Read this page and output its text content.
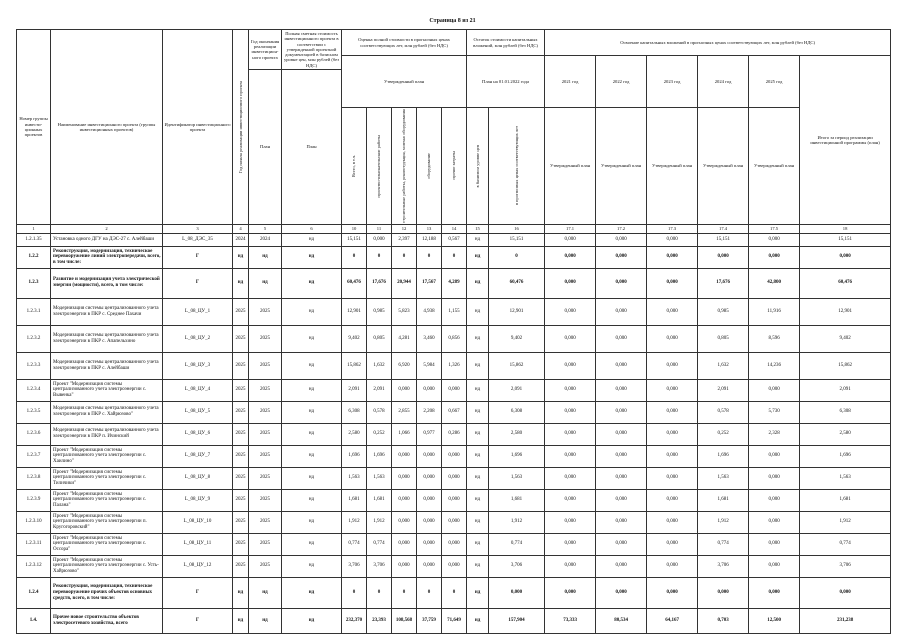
Страница 8 из 21
Номер группы инвести-ционных проектов	Наименование инвестиционного проекта (группы инвестиционных проектов)	Идентификатор инвестиционного проекта	Год начала реализации инвестиционного проекта	Год окончания реализации инвестицион-ного проекта	Полная сметная стоимость инвестиционного проекта в соответствии с утвержденной проектной документацией в базисном уровне цен, млн рублей (без НДС)	Оценка полной стоимости в прогнозных ценах соответствующих лет, млн рублей (без НДС)					Остаток стоимости капитальных вложений, млн рублей (без НДС)		Освоение капитальных вложений в прогнозных ценах соответствующих лет, млн рублей (без НДС)					
						Утвержденный план					План на 01.01.2022 года		2021 год	2022 год	2023 год	2024 год	2025 год	Итого за период реализации инвестиционной программы (план)
				План	План													

						Всего, в т.ч.	проектно-изыскательские работы	строительные работы, реконструкция, монтаж оборудования	оборудование	прочие затраты	в базисном уровне цен	в прогнозных ценах соответствующих лет	Утвержденный план	Утвержденный план	Утвержденный план	Утвержденный план	Утвержденный план	
1	2	3	4	5	6	10	11	12	13	14	15	16	17.1	17.2	17.3	17.4	17.5	18
1.2.1.35	Установка одного ДГУ на ДЭС-27 с. Алейбаши	L_08_ДЭС_35	2024	2024	нд	15,151	0,000	2,397	12,188	0,567	нд	15,151	0,000	0,000	0,000	15,151	0,000	15,151
1.2.2	Реконструкция, модернизация, техническое перевооружение линий электропередачи, всего, в том числе:	Г	нд	нд	нд	0	0	0	0	0	нд	0	0,000	0,000	0,000	0,000	0,000	0,000
1.2.3	Развитие и модернизация учета электрической энергии (мощности), всего, в том числе:	Г	нд	нд	нд	60,476	17,676	20,944	17,567	4,289	нд	60,476	0,000	0,000	0,000	17,676	42,800	60,476
1.2.3.1	Модернизация системы централизованного учета электроэнергии в ПКР с. Среднее Пахачи	L_08_ЦУ_1	2025	2025	нд	12,901	0,985	5,823	4,938	1,155	нд	12,901	0,000	0,000	0,000	0,985	11,916	12,901
1.2.3.2	Модернизация системы централизованного учета электроэнергии в ПКР с. Апапельхино	L_08_ЦУ_2	2025	2025	нд	9,402	0,805	4,281	3,460	0,856	нд	9,402	0,000	0,000	0,000	0,805	8,596	9,402
1.2.3.3	Модернизация системы централизованного учета электроэнергии в ПКР с. Алейбаши	L_08_ЦУ_3	2025	2025	нд	15,862	1,632	6,920	5,984	1,326	нд	15,862	0,000	0,000	0,000	1,632	14,236	15,862
1.2.3.4	Проект "Модернизация системы централизованного учета электроэнергии с. Вывенка"	L_08_ЦУ_4	2025	2025	нд	2,091	2,091	0,000	0,000	0,000	нд	2,091	0,000	0,000	0,000	2,091	0,000	2,091
1.2.3.5	Модернизация системы централизованного учета электроэнергии в ПКР с. Хайрюзово"	L_08_ЦУ_5	2025	2025	нд	6,308	0,578	2,855	2,208	0,667	нд	6,308	0,000	0,000	0,000	0,578	5,730	6,308
1.2.3.6	Модернизация системы централизованного учета электроэнергии в ПКР п. Ичинский	L_08_ЦУ_6	2025	2025	нд	2,580	0,252	1,066	0,977	0,286	нд	2,580	0,000	0,000	0,000	0,252	2,328	2,580
1.2.3.7	Проект "Модернизация системы централизованного учета электроэнергии с. Хаилино"	L_08_ЦУ_7	2025	2025	нд	1,696	1,696	0,000	0,000	0,000	нд	1,696	0,000	0,000	0,000	1,696	0,000	1,696
1.2.3.8	Проект "Модернизация системы централизованного учета электроэнергии с. Тиличики"	L_08_ЦУ_8	2025	2025	нд	1,563	1,563	0,000	0,000	0,000	нд	1,563	0,000	0,000	0,000	1,563	0,000	1,563
1.2.3.9	Проект "Модернизация системы централизованного учета электроэнергии с. Палана"	L_08_ЦУ_9	2025	2025	нд	1,681	1,681	0,000	0,000	0,000	нд	1,681	0,000	0,000	0,000	1,681	0,000	1,681
1.2.3.10	Проект "Модернизация системы централизованного учета электроэнергии п. Кругогоровский"	L_08_ЦУ_10	2025	2025	нд	1,912	1,912	0,000	0,000	0,000	нд	1,912	0,000	0,000	0,000	1,912	0,000	1,912
1.2.3.11	Проект "Модернизация системы централизованного учета электроэнергии с. Оссора"	L_08_ЦУ_11	2025	2025	нд	0,774	0,774	0,000	0,000	0,000	нд	0,774	0,000	0,000	0,000	0,774	0,000	0,774
1.2.3.12	Проект "Модернизация системы централизованного учета электроэнергии с. Усть-Хайрюзово"	L_08_ЦУ_12	2025	2025	нд	3,706	3,706	0,000	0,000	0,000	нд	3,706	0,000	0,000	0,000	3,706	0,000	3,706
1.2.4	Реконструкция, модернизация, техническое перевооружение прочих объектов основных средств, всего, в том числе:	Г	нд	нд	нд	0	0	0	0	0	нд	0,000	0,000	0,000	0,000	0,000	0,000	0,000
1.4.	Прочее новое строительство объектов электросетевого хозяйства, всего	Г	нд	нд	нд	232,370	23,393	108,568	37,759	71,649	нд	157,904	73,333	80,534	64,167	0,703	12,500	231,238
